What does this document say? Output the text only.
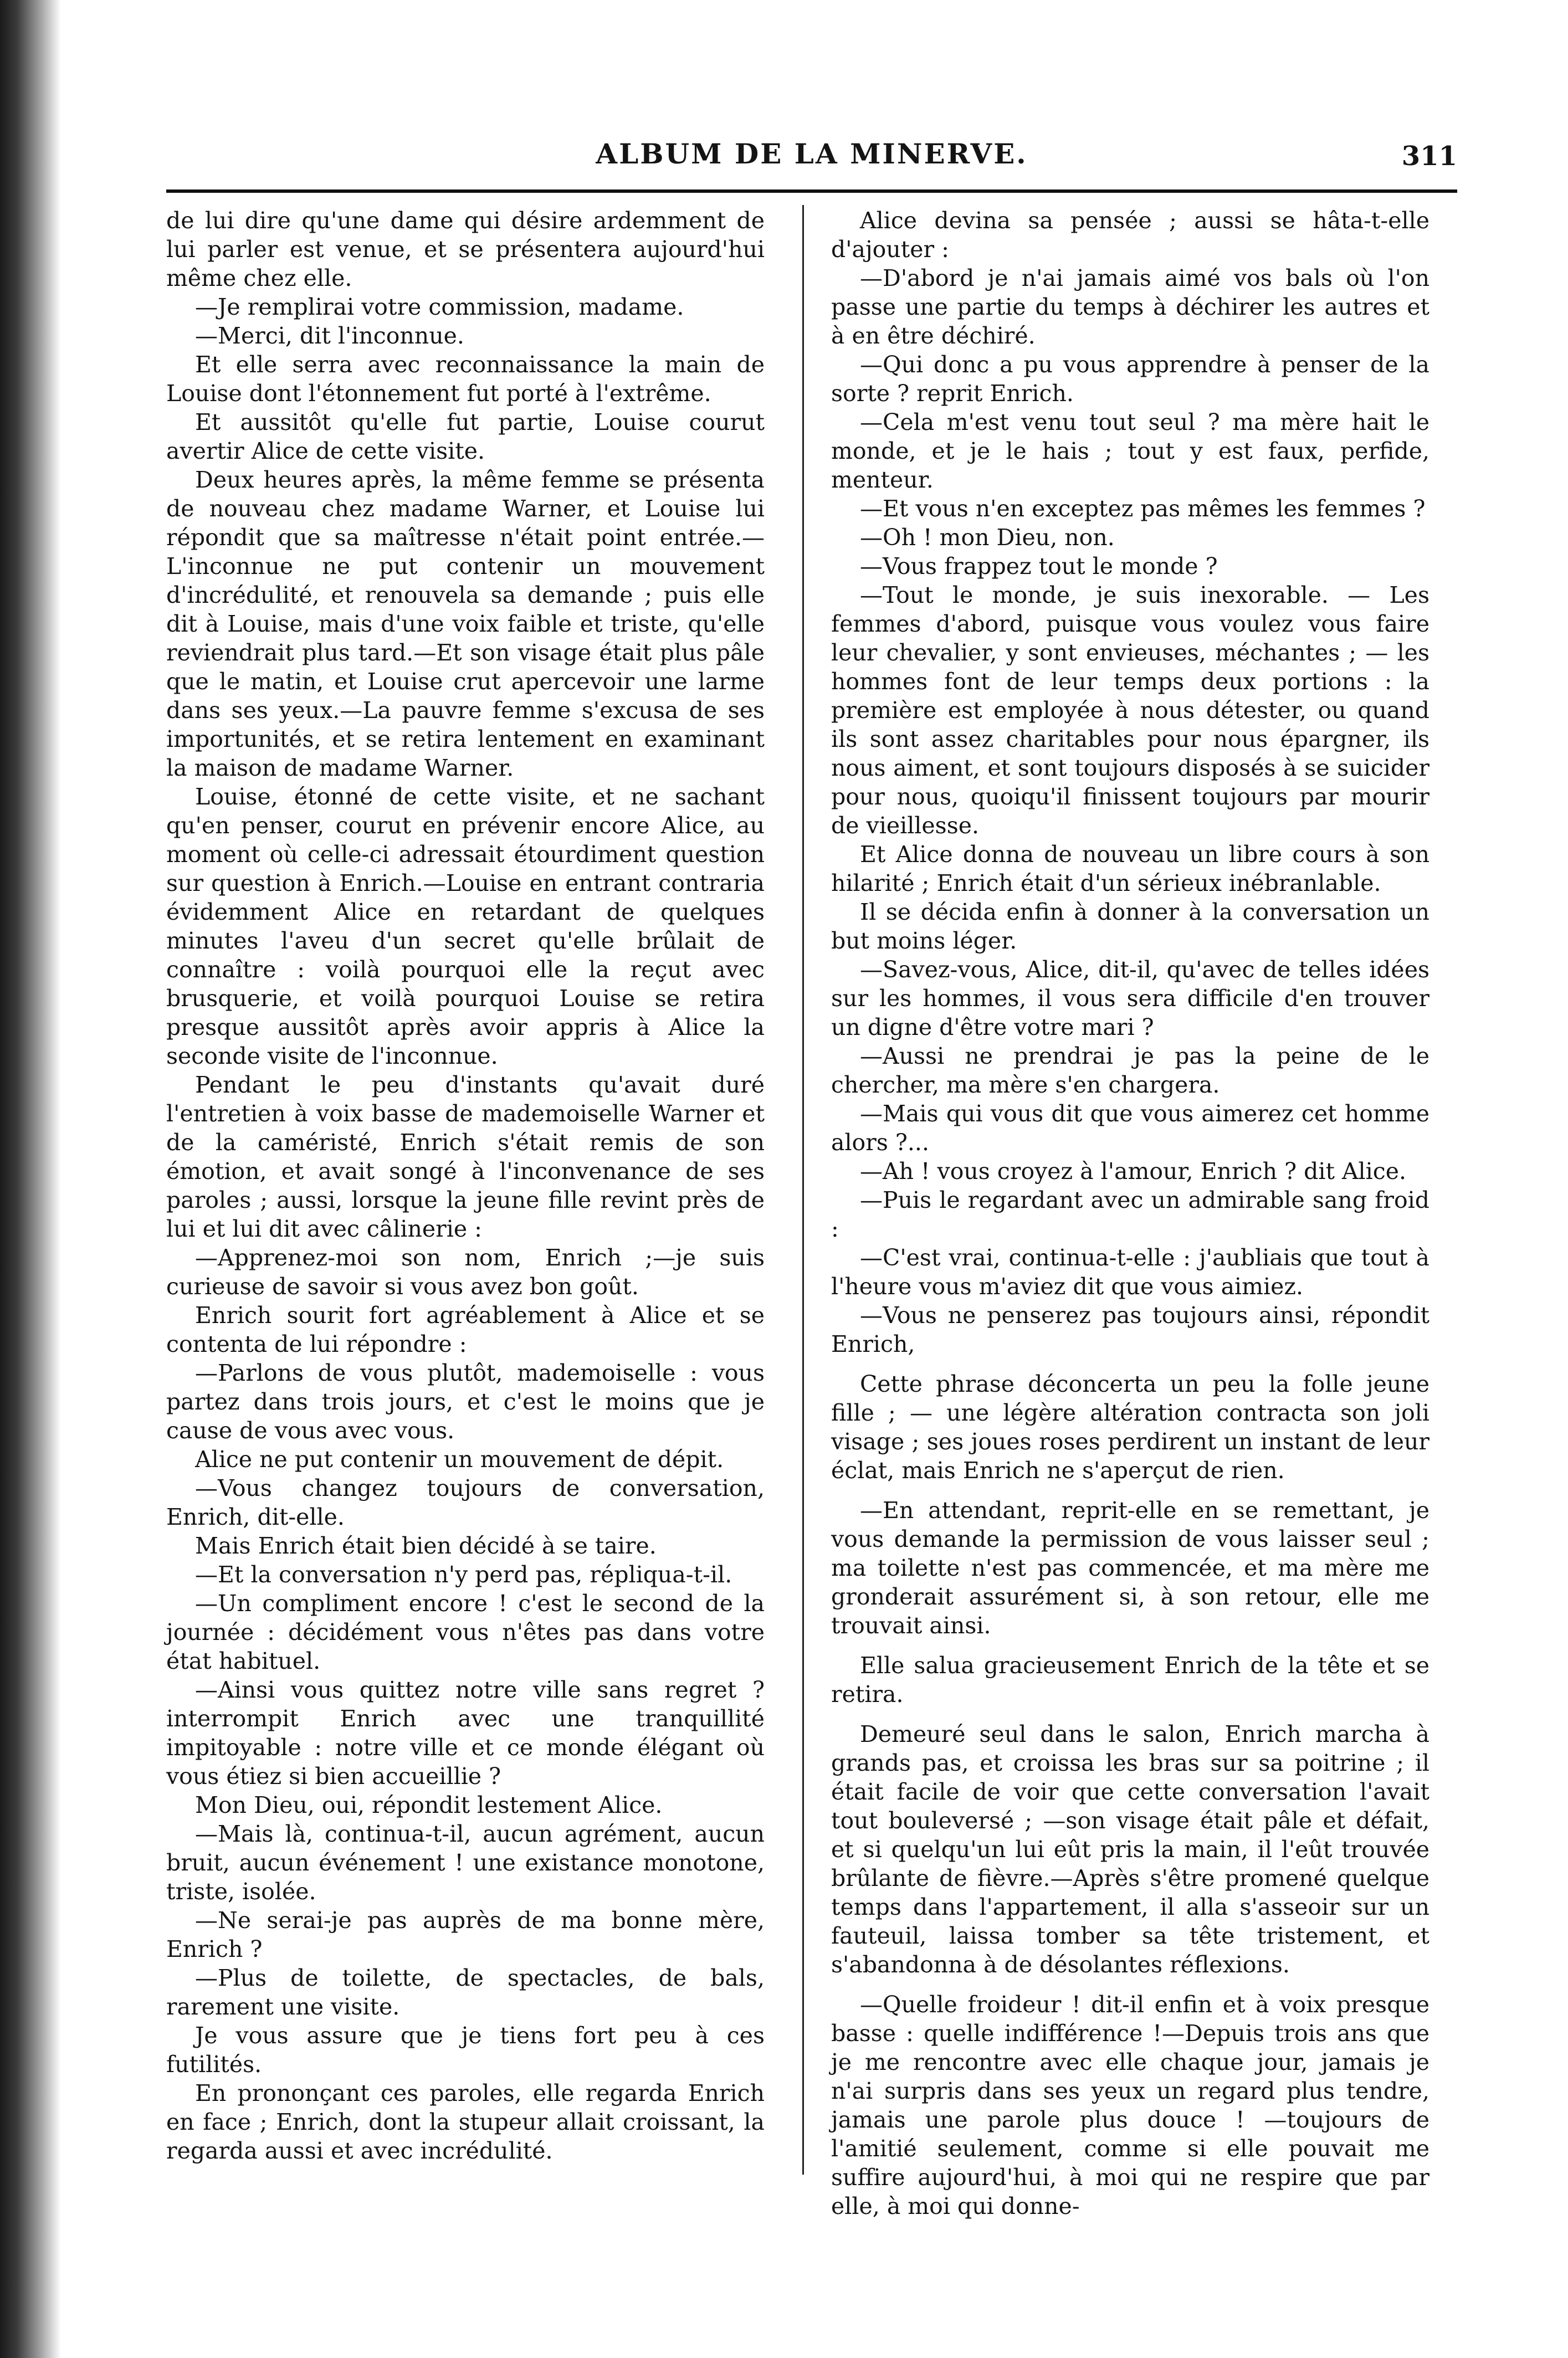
ALBUM DE LA MINERVE.	311

de lui dire qu'une dame qui désire ardemment de lui parler est venue, et se présentera aujourd'hui même chez elle.

—Je remplirai votre commission, madame.

—Merci, dit l'inconnue.

Et elle serra avec reconnaissance la main de Louise dont l'étonnement fut porté à l'extrême.

Et aussitôt qu'elle fut partie, Louise courut avertir Alice de cette visite.

Deux heures après, la même femme se présenta de nouveau chez madame Warner, et Louise lui répondit que sa maîtresse n'était point entrée.—L'inconnue ne put contenir un mouvement d'incrédulité, et renouvela sa demande ; puis elle dit à Louise, mais d'une voix faible et triste, qu'elle reviendrait plus tard.—Et son visage était plus pâle que le matin, et Louise crut apercevoir une larme dans ses yeux.—La pauvre femme s'excusa de ses importunités, et se retira lentement en examinant la maison de madame Warner.

Louise, étonné de cette visite, et ne sachant qu'en penser, courut en prévenir encore Alice, au moment où celle-ci adressait étourdiment question sur question à Enrich.—Louise en entrant contraria évidemment Alice en retardant de quelques minutes l'aveu d'un secret qu'elle brûlait de connaître : voilà pourquoi elle la reçut avec brusquerie, et voilà pourquoi Louise se retira presque aussitôt après avoir appris à Alice la seconde visite de l'inconnue.

Pendant le peu d'instants qu'avait duré l'entretien à voix basse de mademoiselle Warner et de la caméristé, Enrich s'était remis de son émotion, et avait songé à l'inconvenance de ses paroles ; aussi, lorsque la jeune fille revint près de lui et lui dit avec câlinerie :

—Apprenez-moi son nom, Enrich ;—je suis curieuse de savoir si vous avez bon goût.

Enrich sourit fort agréablement à Alice et se contenta de lui répondre :

—Parlons de vous plutôt, mademoiselle : vous partez dans trois jours, et c'est le moins que je cause de vous avec vous.

Alice ne put contenir un mouvement de dépit.

—Vous changez toujours de conversation, Enrich, dit-elle.

Mais Enrich était bien décidé à se taire.

—Et la conversation n'y perd pas, répliqua-t-il.

—Un compliment encore ! c'est le second de la journée : décidément vous n'êtes pas dans votre état habituel.

—Ainsi vous quittez notre ville sans regret ? interrompit Enrich avec une tranquillité impitoyable : notre ville et ce monde élégant où vous étiez si bien accueillie ?

Mon Dieu, oui, répondit lestement Alice.

—Mais là, continua-t-il, aucun agrément, aucun bruit, aucun événement ! une existance monotone, triste, isolée.

—Ne serai-je pas auprès de ma bonne mère, Enrich ?

—Plus de toilette, de spectacles, de bals, rarement une visite.

Je vous assure que je tiens fort peu à ces futilités.

En prononçant ces paroles, elle regarda Enrich en face ; Enrich, dont la stupeur allait croissant, la regarda aussi et avec incrédulité.

Alice devina sa pensée ; aussi se hâta-t-elle d'ajouter :

—D'abord je n'ai jamais aimé vos bals où l'on passe une partie du temps à déchirer les autres et à en être déchiré.

—Qui donc a pu vous apprendre à penser de la sorte ? reprit Enrich.

—Cela m'est venu tout seul ? ma mère hait le monde, et je le hais ; tout y est faux, perfide, menteur.

—Et vous n'en exceptez pas mêmes les femmes ?

—Oh ! mon Dieu, non.

—Vous frappez tout le monde ?

—Tout le monde, je suis inexorable. — Les femmes d'abord, puisque vous voulez vous faire leur chevalier, y sont envieuses, méchantes ; — les hommes font de leur temps deux portions : la première est employée à nous détester, ou quand ils sont assez charitables pour nous épargner, ils nous aiment, et sont toujours disposés à se suicider pour nous, quoiqu'il finissent toujours par mourir de vieillesse.

Et Alice donna de nouveau un libre cours à son hilarité ; Enrich était d'un sérieux inébranlable.

Il se décida enfin à donner à la conversation un but moins léger.

—Savez-vous, Alice, dit-il, qu'avec de telles idées sur les hommes, il vous sera difficile d'en trouver un digne d'être votre mari ?

—Aussi ne prendrai je pas la peine de le chercher, ma mère s'en chargera.

—Mais qui vous dit que vous aimerez cet homme alors ?...

—Ah ! vous croyez à l'amour, Enrich ? dit Alice.

—Puis le regardant avec un admirable sang froid :

—C'est vrai, continua-t-elle : j'aubliais que tout à l'heure vous m'aviez dit que vous aimiez.

—Vous ne penserez pas toujours ainsi, répondit Enrich,

Cette phrase déconcerta un peu la folle jeune fille ; — une légère altération contracta son joli visage ; ses joues roses perdirent un instant de leur éclat, mais Enrich ne s'aperçut de rien.

—En attendant, reprit-elle en se remettant, je vous demande la permission de vous laisser seul ; ma toilette n'est pas commencée, et ma mère me gronderait assurément si, à son retour, elle me trouvait ainsi.

Elle salua gracieusement Enrich de la tête et se retira.

Demeuré seul dans le salon, Enrich marcha à grands pas, et croissa les bras sur sa poitrine ; il était facile de voir que cette conversation l'avait tout bouleversé ; —son visage était pâle et défait, et si quelqu'un lui eût pris la main, il l'eût trouvée brûlante de fièvre.—Après s'être promené quelque temps dans l'appartement, il alla s'asseoir sur un fauteuil, laissa tomber sa tête tristement, et s'abandonna à de désolantes réflexions.

—Quelle froideur ! dit-il enfin et à voix presque basse : quelle indifférence !—Depuis trois ans que je me rencontre avec elle chaque jour, jamais je n'ai surpris dans ses yeux un regard plus tendre, jamais une parole plus douce ! —toujours de l'amitié seulement, comme si elle pouvait me suffire aujourd'hui, à moi qui ne respire que par elle, à moi qui donne-
